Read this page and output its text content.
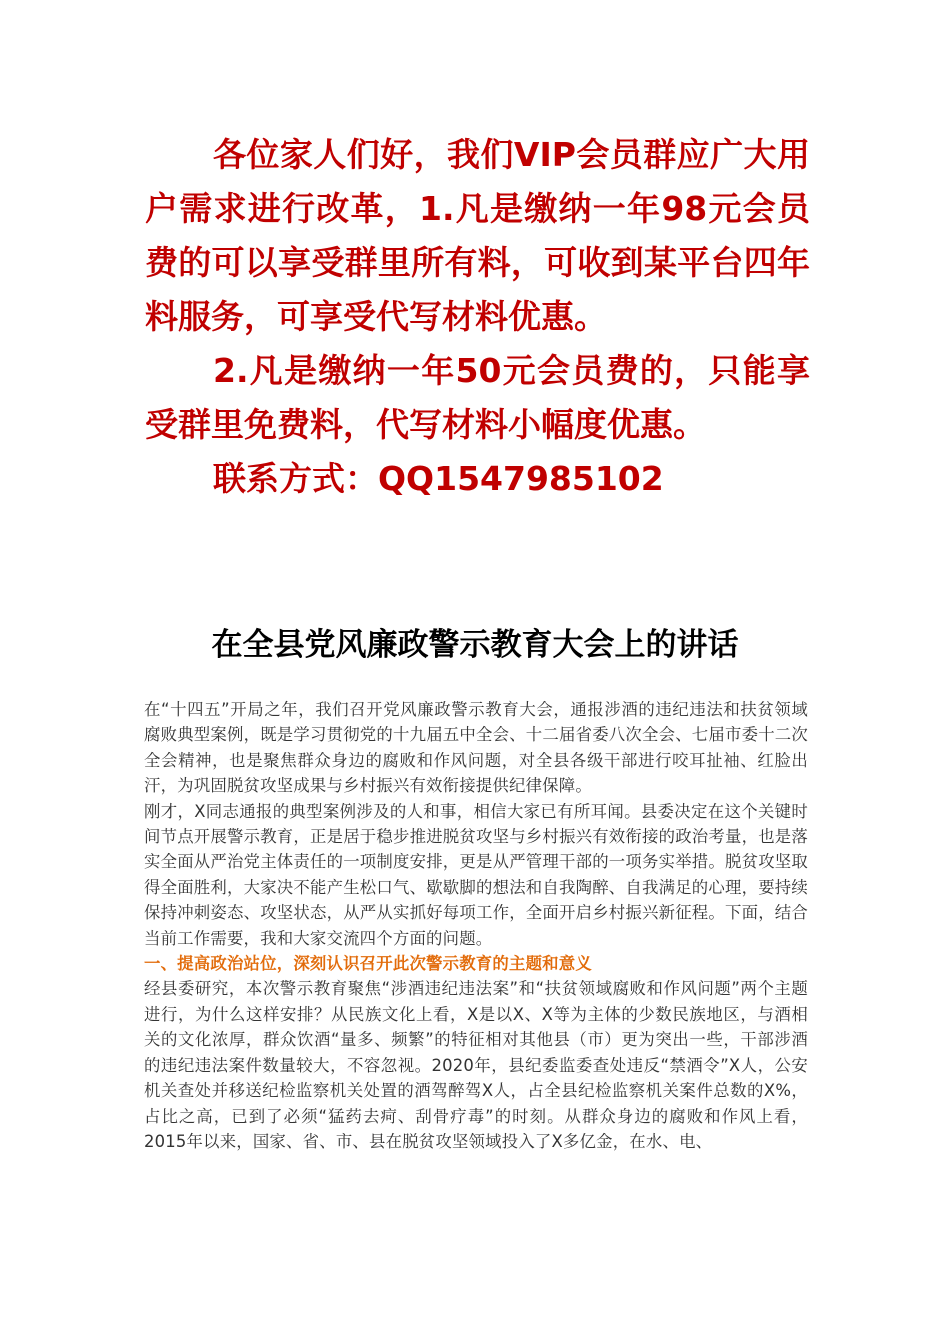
各位家人们好，我们VIP会员群应广大用户需求进行改革，1.凡是缴纳一年98元会员费的可以享受群里所有料，可收到某平台四年料服务，可享受代写材料优惠。

2.凡是缴纳一年50元会员费的，只能享受群里免费料，代写材料小幅度优惠。

联系方式：QQ1547985102

在全县党风廉政警示教育大会上的讲话

在“十四五”开局之年，我们召开党风廉政警示教育大会，通报涉酒的违纪违法和扶贫领域腐败典型案例，既是学习贯彻党的十九届五中全会、十二届省委八次全会、七届市委十二次全会精神，也是聚焦群众身边的腐败和作风问题，对全县各级干部进行咬耳扯袖、红脸出汗，为巩固脱贫攻坚成果与乡村振兴有效衔接提供纪律保障。

刚才，X同志通报的典型案例涉及的人和事，相信大家已有所耳闻。县委决定在这个关键时间节点开展警示教育，正是居于稳步推进脱贫攻坚与乡村振兴有效衔接的政治考量，也是落实全面从严治党主体责任的一项制度安排，更是从严管理干部的一项务实举措。脱贫攻坚取得全面胜利，大家决不能产生松口气、歇歇脚的想法和自我陶醉、自我满足的心理，要持续保持冲刺姿态、攻坚状态，从严从实抓好每项工作，全面开启乡村振兴新征程。下面，结合当前工作需要，我和大家交流四个方面的问题。

一、提高政治站位，深刻认识召开此次警示教育的主题和意义

经县委研究，本次警示教育聚焦“涉酒违纪违法案”和“扶贫领域腐败和作风问题”两个主题进行，为什么这样安排？从民族文化上看，X是以X、X等为主体的少数民族地区，与酒相关的文化浓厚，群众饮酒“量多、频繁”的特征相对其他县（市）更为突出一些，干部涉酒的违纪违法案件数量较大，不容忽视。2020年，县纪委监委查处违反“禁酒令”X人，公安机关查处并移送纪检监察机关处置的酒驾醉驾X人，占全县纪检监察机关案件总数的X%，占比之高，已到了必须“猛药去疴、刮骨疗毒”的时刻。从群众身边的腐败和作风上看，2015年以来，国家、省、市、县在脱贫攻坚领域投入了X多亿金，在水、电、
